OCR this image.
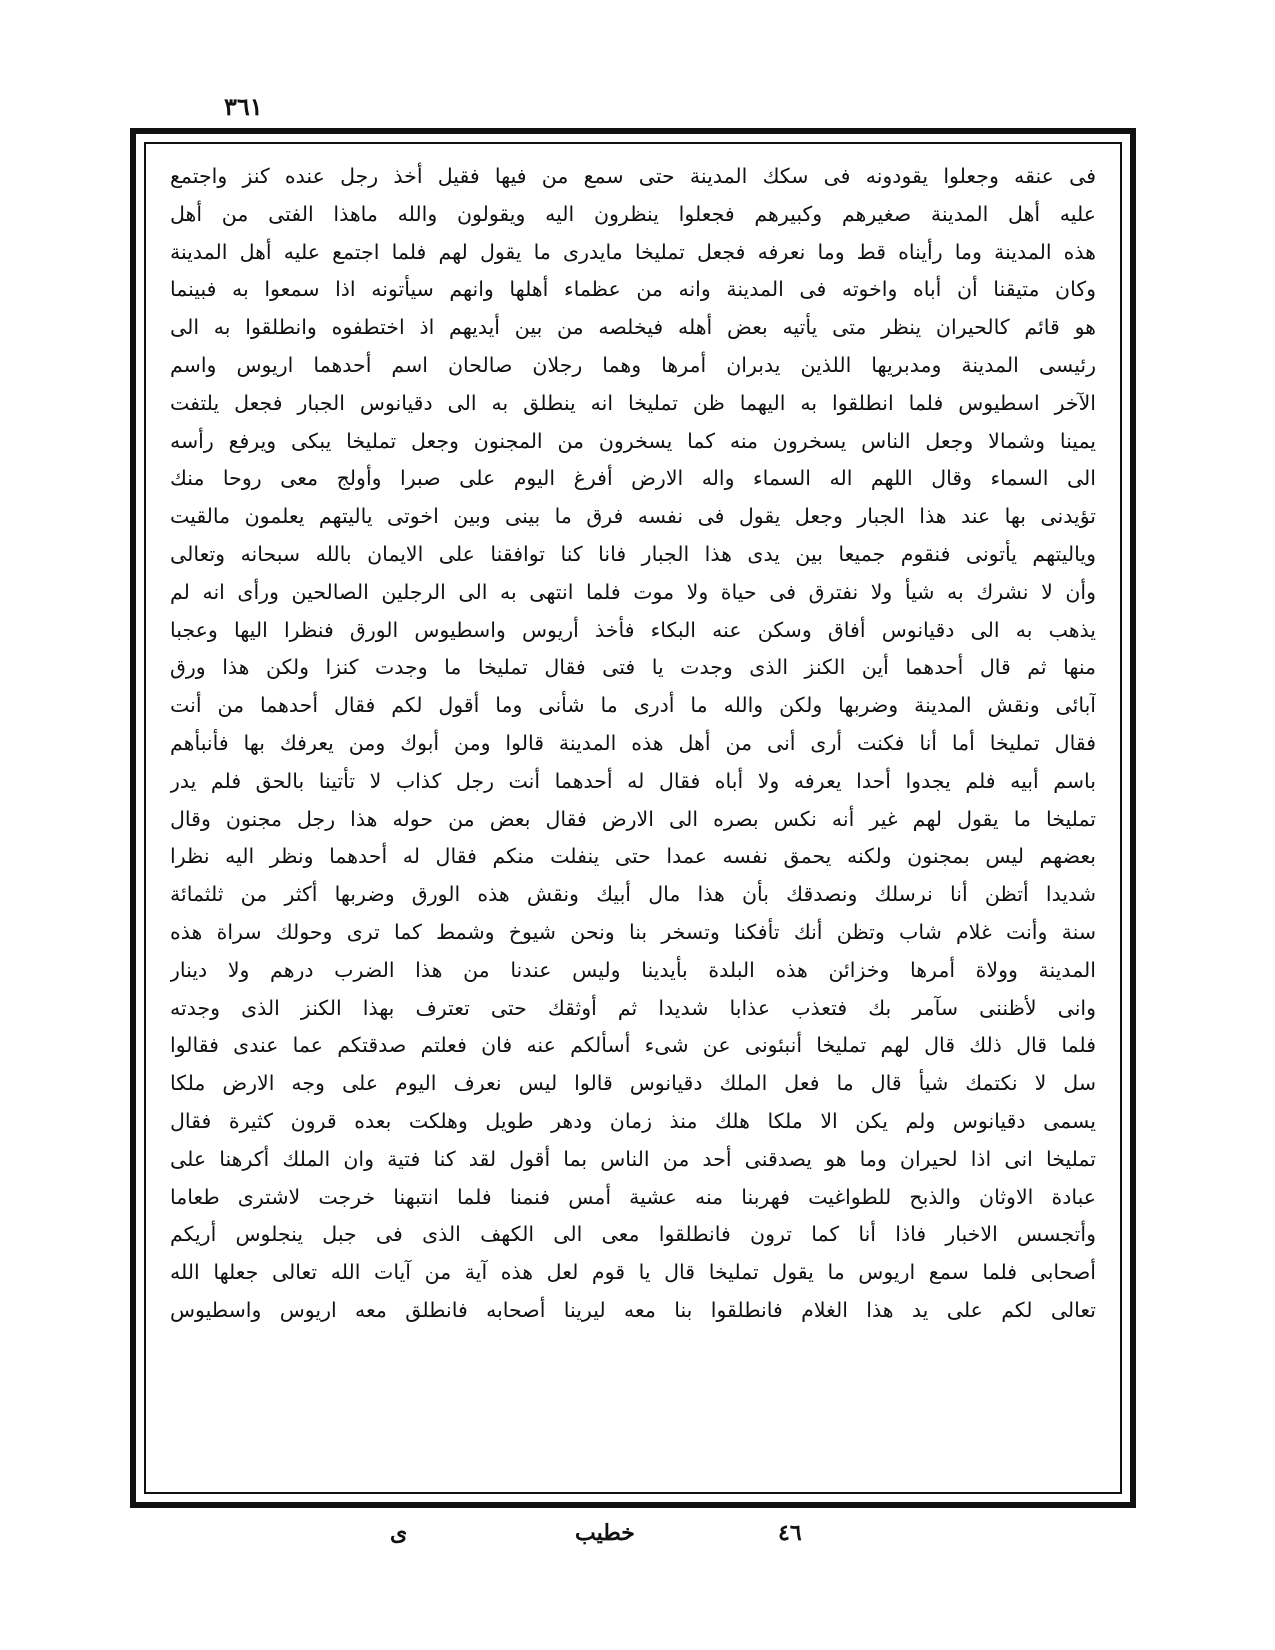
٣٦١
فى عنقه وجعلوا يقودونه فى سكك المدينة حتى سمع من فيها فقيل أخذ رجل عنده كنز واجتمع
عليه أهل المدينة صغيرهم وكبيرهم فجعلوا ينظرون اليه ويقولون والله ماهذا الفتى من أهل
هذه المدينة وما رأيناه قط وما نعرفه فجعل تمليخا مايدرى ما يقول لهم فلما اجتمع عليه أهل المدينة
وكان متيقنا أن أباه واخوته فى المدينة وانه من عظماء أهلها وانهم سيأتونه اذا سمعوا به فبينما
هو قائم كالحيران ينظر متى يأتيه بعض أهله فيخلصه من بين أيديهم اذ اختطفوه وانطلقوا به الى
رئيسى المدينة ومدبريها اللذين يدبران أمرها وهما رجلان صالحان اسم أحدهما اريوس واسم
الآخر اسطيوس فلما انطلقوا به اليهما ظن تمليخا انه ينطلق به الى دقيانوس الجبار فجعل يلتفت
يمينا وشمالا وجعل الناس يسخرون منه كما يسخرون من المجنون وجعل تمليخا يبكى ويرفع رأسه
الى السماء وقال اللهم اله السماء واله الارض أفرغ اليوم على صبرا وأولج معى روحا منك
تؤيدنى بها عند هذا الجبار وجعل يقول فى نفسه فرق ما بينى وبين اخوتى ياليتهم يعلمون مالقيت
وياليتهم يأتونى فنقوم جميعا بين يدى هذا الجبار فانا كنا توافقنا على الايمان بالله سبحانه وتعالى
وأن لا نشرك به شيأ ولا نفترق فى حياة ولا موت فلما انتهى به الى الرجلين الصالحين ورأى انه لم
يذهب به الى دقيانوس أفاق وسكن عنه البكاء فأخذ أريوس واسطيوس الورق فنظرا اليها وعجبا
منها ثم قال أحدهما أين الكنز الذى وجدت يا فتى فقال تمليخا ما وجدت كنزا ولكن هذا ورق
آبائى ونقش المدينة وضربها ولكن والله ما أدرى ما شأنى وما أقول لكم فقال أحدهما من أنت
فقال تمليخا أما أنا فكنت أرى أنى من أهل هذه المدينة قالوا ومن أبوك ومن يعرفك بها فأنبأهم
باسم أبيه فلم يجدوا أحدا يعرفه ولا أباه فقال له أحدهما أنت رجل كذاب لا تأتينا بالحق فلم يدر
تمليخا ما يقول لهم غير أنه نكس بصره الى الارض فقال بعض من حوله هذا رجل مجنون وقال
بعضهم ليس بمجنون ولكنه يحمق نفسه عمدا حتى ينفلت منكم فقال له أحدهما ونظر اليه نظرا
شديدا أتظن أنا نرسلك ونصدقك بأن هذا مال أبيك ونقش هذه الورق وضربها أكثر من ثلثمائة
سنة وأنت غلام شاب وتظن أنك تأفكنا وتسخر بنا ونحن شيوخ وشمط كما ترى وحولك سراة هذه
المدينة وولاة أمرها وخزائن هذه البلدة بأيدينا وليس عندنا من هذا الضرب درهم ولا دينار
وانى لأظننى سآمر بك فتعذب عذابا شديدا ثم أوثقك حتى تعترف بهذا الكنز الذى وجدته
فلما قال ذلك قال لهم تمليخا أنبئونى عن شىء أسألكم عنه فان فعلتم صدقتكم عما عندى فقالوا
سل لا نكتمك شيأ قال ما فعل الملك دقيانوس قالوا ليس نعرف اليوم على وجه الارض ملكا
يسمى دقيانوس ولم يكن الا ملكا هلك منذ زمان ودهر طويل وهلكت بعده قرون كثيرة فقال
تمليخا انى اذا لحيران وما هو يصدقنى أحد من الناس بما أقول لقد كنا فتية وان الملك أكرهنا على
عبادة الاوثان والذبح للطواغيت فهربنا منه عشية أمس فنمنا فلما انتبهنا خرجت لاشترى طعاما
وأتجسس الاخبار فاذا أنا كما ترون فانطلقوا معى الى الكهف الذى فى جبل ينجلوس أريكم
أصحابى فلما سمع اريوس ما يقول تمليخا قال يا قوم لعل هذه آية من آيات الله تعالى جعلها الله
تعالى لكم على يد هذا الغلام فانطلقوا بنا معه ليرينا أصحابه فانطلق معه اريوس واسطيوس
٤٦
خطيب
ى
